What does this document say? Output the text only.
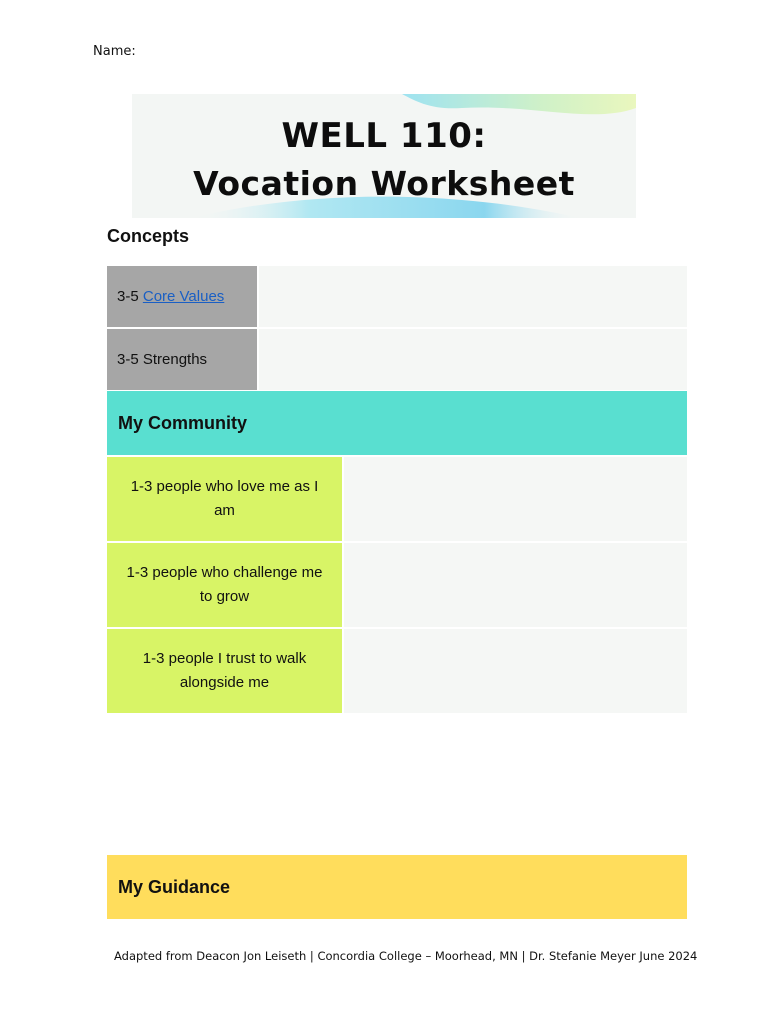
Name:
WELL 110:
Vocation Worksheet
Concepts
3-5 Core Values
3-5 Strengths
My Community
1-3 people who love me as I am
1-3 people who challenge me to grow
1-3 people I trust to walk alongside me
My Guidance
Adapted from Deacon Jon Leiseth | Concordia College – Moorhead, MN | Dr. Stefanie Meyer June 2024
